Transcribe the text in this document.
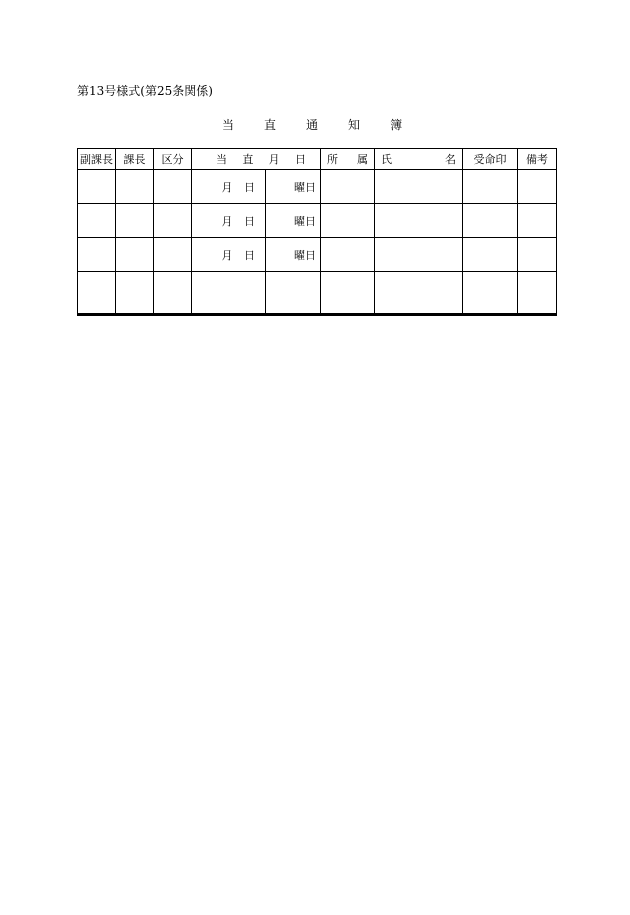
第13号様式(第25条関係)
当	直	通	知	簿
副課長	課長	区分	当 直 月 日		所 属	氏 名	受命印	備考
			月 日	曜日				
			月 日	曜日				
			月 日	曜日				
